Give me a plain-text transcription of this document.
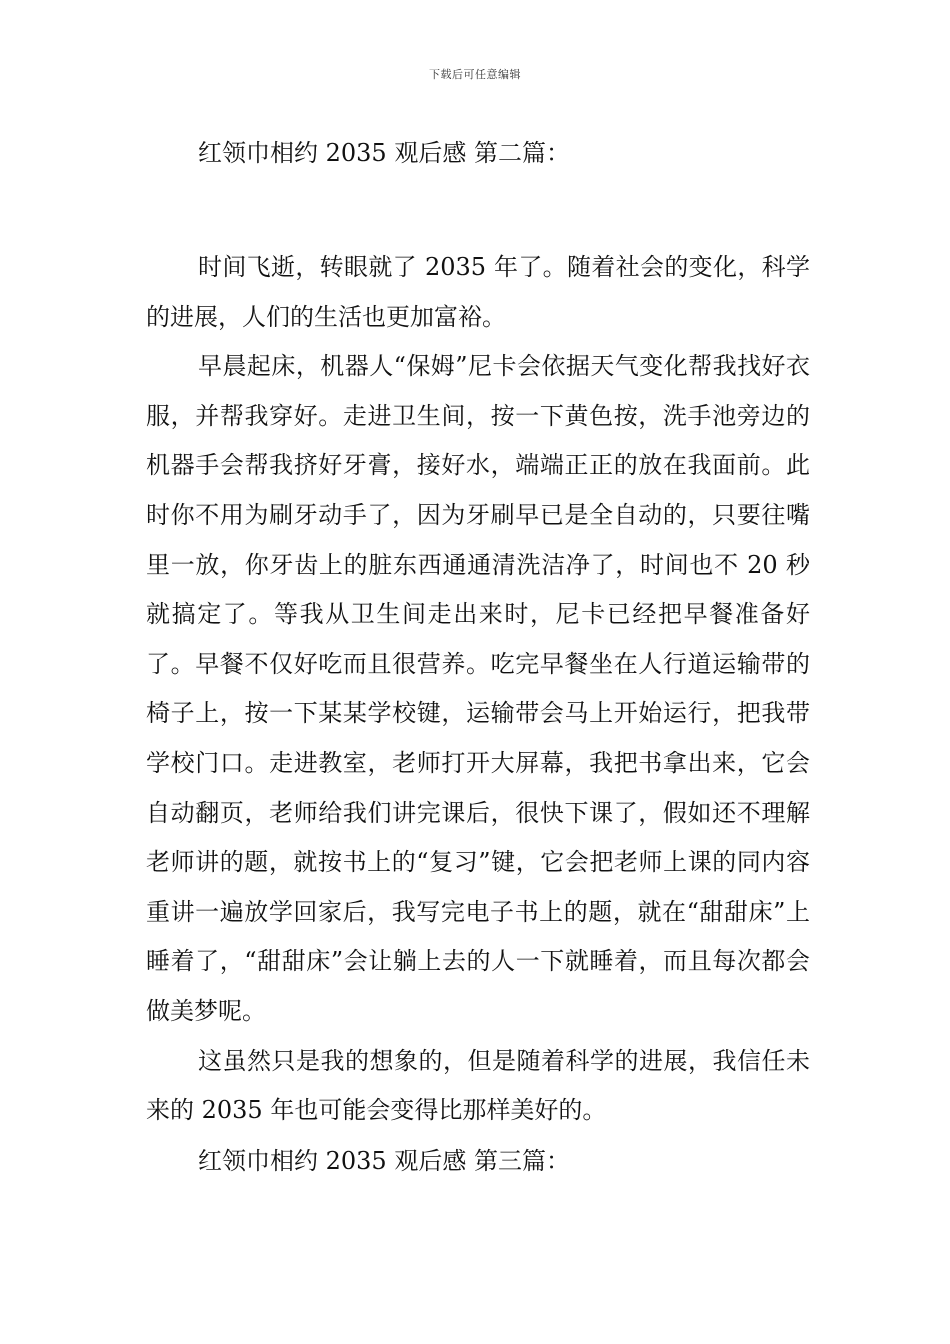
下载后可任意编辑

红领巾相约 2035 观后感 第二篇：

时间飞逝，转眼就了 2035 年了。随着社会的变化，科学的进展，人们的生活也更加富裕。

早晨起床，机器人“保姆”尼卡会依据天气变化帮我找好衣服，并帮我穿好。走进卫生间，按一下黄色按，洗手池旁边的机器手会帮我挤好牙膏，接好水，端端正正的放在我面前。此时你不用为刷牙动手了，因为牙刷早已是全自动的，只要往嘴里一放，你牙齿上的脏东西通通清洗洁净了，时间也不 20 秒就搞定了。等我从卫生间走出来时，尼卡已经把早餐准备好了。早餐不仅好吃而且很营养。吃完早餐坐在人行道运输带的椅子上，按一下某某学校键，运输带会马上开始运行，把我带学校门口。走进教室，老师打开大屏幕，我把书拿出来，它会自动翻页，老师给我们讲完课后，很快下课了，假如还不理解老师讲的题，就按书上的“复习”键，它会把老师上课的同内容重讲一遍放学回家后，我写完电子书上的题，就在“甜甜床”上睡着了，“甜甜床”会让躺上去的人一下就睡着，而且每次都会做美梦呢。

这虽然只是我的想象的，但是随着科学的进展，我信任未来的 2035 年也可能会变得比那样美好的。

红领巾相约 2035 观后感 第三篇：
